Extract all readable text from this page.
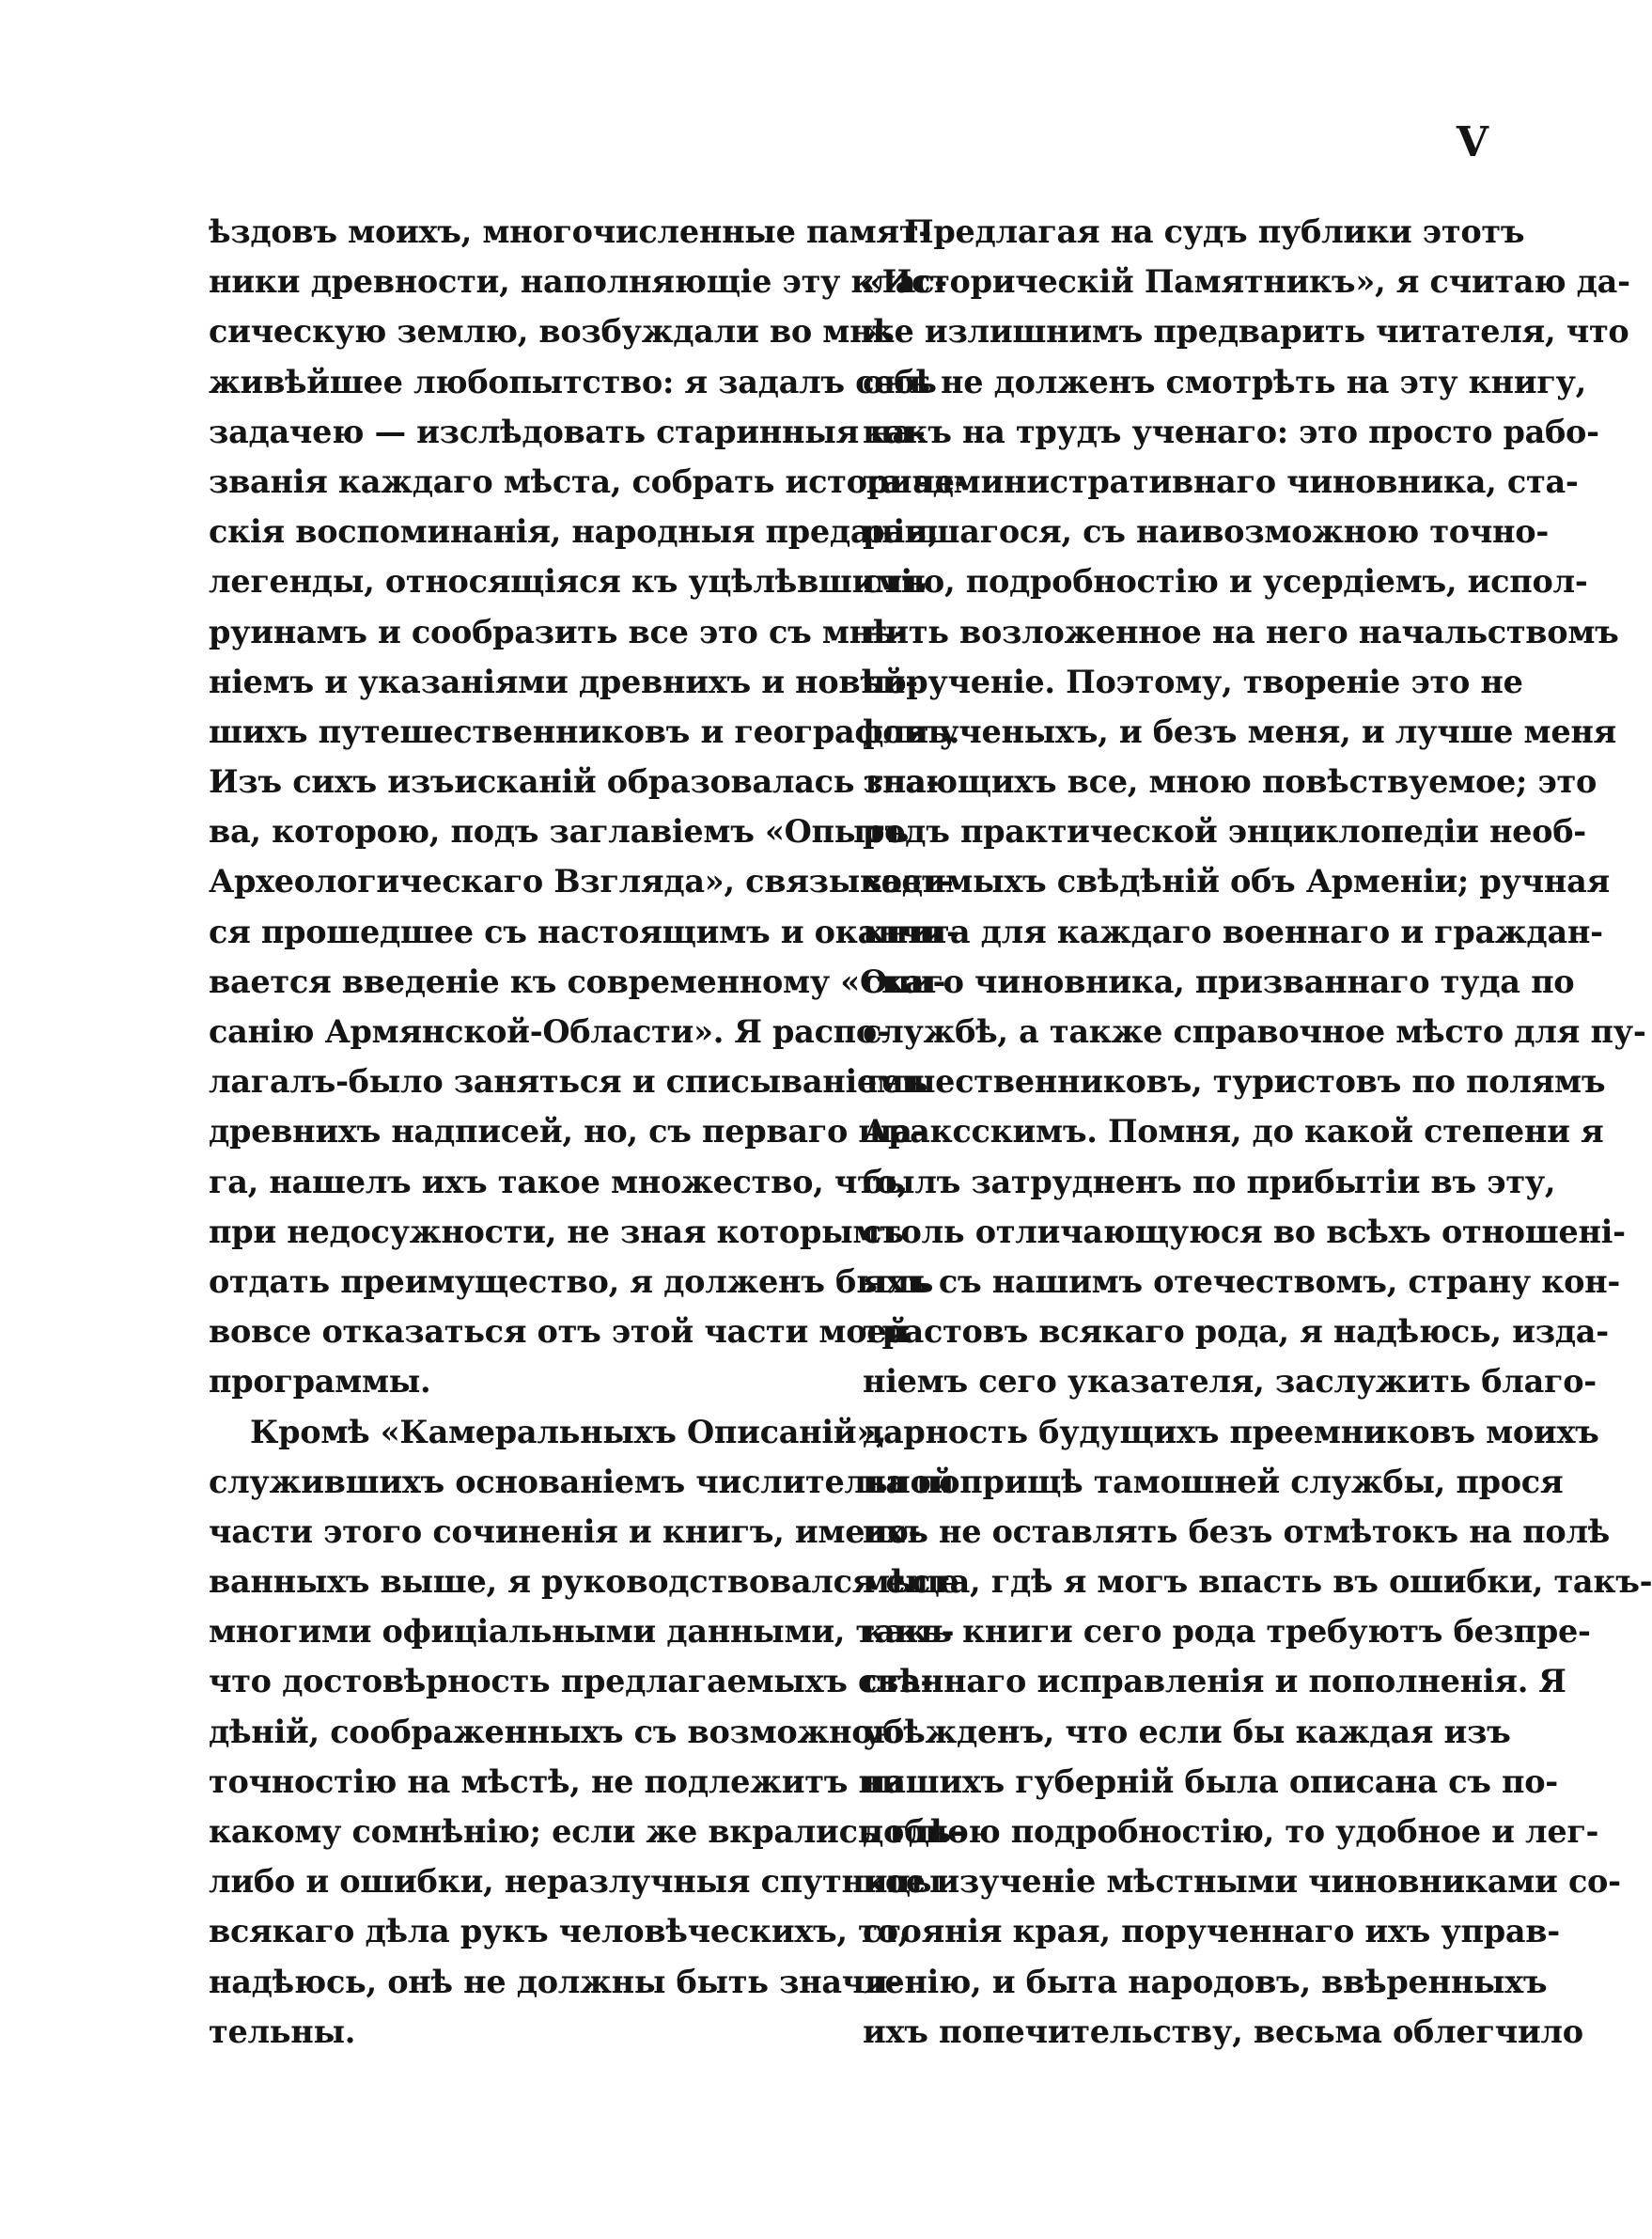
V
ѣздовъ моихъ, многочисленные памят-
ники древности, наполняющіе эту клас-
сическую землю, возбуждали во мнѣ
живѣйшее любопытство: я задалъ себѣ
задачею — изслѣдовать старинныя на-
званія каждаго мѣста, собрать историче-
скія воспоминанія, народныя преданія,
легенды, относящіяся къ уцѣлѣвшимъ
руинамъ и сообразить все это съ мнѣ-
ніемъ и указаніями древнихъ и новѣй-
шихъ путешественниковъ и географовъ.
Изъ сихъ изъисканій образовалась гла-
ва, которою, подъ заглавіемъ «Опытъ
Археологическаго Взгляда», связывает-
ся прошедшее съ настоящимъ и оканчи-
вается введеніе къ современному «Опи-
санію Армянской-Области». Я распо-
лагалъ-было заняться и списываніемъ
древнихъ надписей, но, съ перваго ша-
га, нашелъ ихъ такое множество, что,
при недосужности, не зная которымъ
отдать преимущество, я долженъ былъ
вовсе отказаться отъ этой части моей
программы.
Кромѣ «Камеральныхъ Описаній»,
служившихъ основаніемъ числительной
части этого сочиненія и книгъ, имено-
ванныхъ выше, я руководствовался еще
многими офиціальными данными, такъ-
что достовѣрность предлагаемыхъ свѣ-
дѣній, соображенныхъ съ возможною
точностію на мѣстѣ, не подлежитъ ни
какому сомнѣнію; если же вкрались гдѣ-
либо и ошибки, неразлучныя спутницы
всякаго дѣла рукъ человѣческихъ, то,
надѣюсь, онѣ не должны быть значи-
тельны.
Предлагая на судъ публики этотъ
«Историческій Памятникъ», я считаю да-
же излишнимъ предварить читателя, что
онъ не долженъ смотрѣть на эту книгу,
какъ на трудъ ученаго: это просто рабо-
та административнаго чиновника, ста-
равшагося, съ наивозможною точно-
стію, подробностію и усердіемъ, испол-
нить возложенное на него начальствомъ
порученіе. Поэтому, твореніе это не
для ученыхъ, и безъ меня, и лучше меня
знающихъ все, мною повѣствуемое; это
родъ практической энциклопедіи необ-
ходимыхъ свѣдѣній объ Арменіи; ручная
книга для каждаго военнаго и граждан-
скаго чиновника, призваннаго туда по
службѣ, а также справочное мѣсто для пу-
тешественниковъ, туристовъ по полямъ
Араксскимъ. Помня, до какой степени я
былъ затрудненъ по прибытіи въ эту,
столь отличающуюся во всѣхъ отношені-
яхъ съ нашимъ отечествомъ, страну кон-
трастовъ всякаго рода, я надѣюсь, изда-
ніемъ сего указателя, заслужить благо-
дарность будущихъ преемниковъ моихъ
на поприщѣ тамошней службы, прося
ихъ не оставлять безъ отмѣтокъ на полѣ
мѣста, гдѣ я могъ впасть въ ошибки, такъ-
какъ книги сего рода требуютъ безпре-
станнаго исправленія и пополненія. Я
убѣжденъ, что если бы каждая изъ
нашихъ губерній была описана съ по-
добною подробностію, то удобное и лег-
кое изученіе мѣстными чиновниками со-
стоянія края, порученнаго ихъ управ-
ленію, и быта народовъ, ввѣренныхъ
ихъ попечительству, весьма облегчило
